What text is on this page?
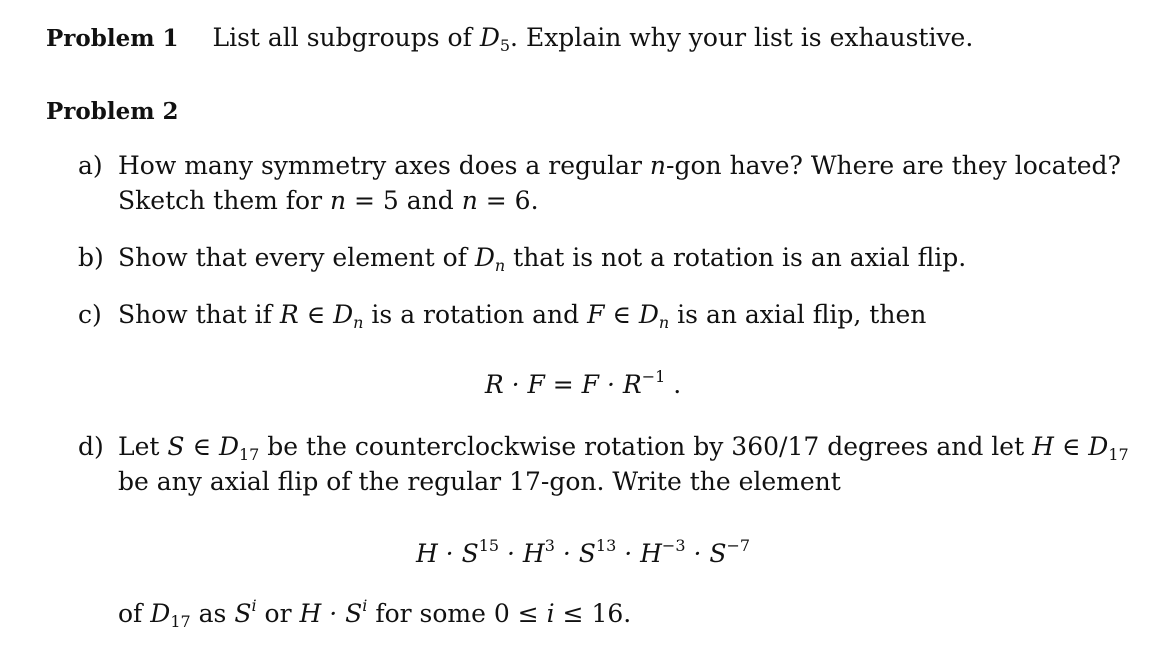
Problem 1 List all subgroups of $D_5$. Explain why your list is exhaustive.
Problem 2
a) How many symmetry axes does a regular n-gon have? Where are they located?
Sketch them for n = 5 and n = 6.
b) Show that every element of $D_n$ that is not a rotation is an axial flip.
c) Show that if R ∈ $D_n$ is a rotation and F ∈ $D_n$ is an axial flip, then
$R \cdot F = F \cdot R^{-1}$ .
d) Let S ∈ $D_{17}$ be the counterclockwise rotation by 360/17 degrees and let H ∈ $D_{17}$
be any axial flip of the regular 17-gon. Write the element
$H \cdot S^{15} \cdot H^3 \cdot S^{13} \cdot H^{-3} \cdot S^{-7}$
of $D_{17}$ as $S^i$ or $H \cdot S^i$ for some 0 ≤ i ≤ 16.
